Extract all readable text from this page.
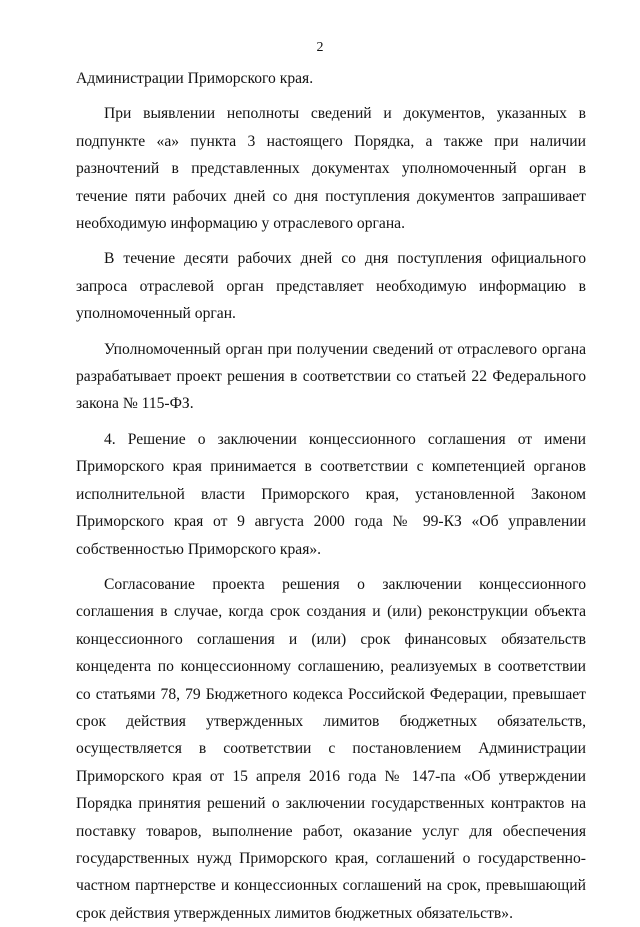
2

Администрации Приморского края.

При выявлении неполноты сведений и документов, указанных в подпункте «а» пункта 3 настоящего Порядка, а также при наличии разночтений в представленных документах уполномоченный орган в течение пяти рабочих дней со дня поступления документов запрашивает необходимую информацию у отраслевого органа.

В течение десяти рабочих дней со дня поступления официального запроса отраслевой орган представляет необходимую информацию в уполномоченный орган.

Уполномоченный орган при получении сведений от отраслевого органа разрабатывает проект решения в соответствии со статьей 22 Федерального закона № 115-ФЗ.

4. Решение о заключении концессионного соглашения от имени Приморского края принимается в соответствии с компетенцией органов исполнительной власти Приморского края, установленной Законом Приморского края от 9 августа 2000 года № 99-КЗ «Об управлении собственностью Приморского края».

Согласование проекта решения о заключении концессионного соглашения в случае, когда срок создания и (или) реконструкции объекта концессионного соглашения и (или) срок финансовых обязательств концедента по концессионному соглашению, реализуемых в соответствии со статьями 78, 79 Бюджетного кодекса Российской Федерации, превышает срок действия утвержденных лимитов бюджетных обязательств, осуществляется в соответствии с постановлением Администрации Приморского края от 15 апреля 2016 года № 147-па «Об утверждении Порядка принятия решений о заключении государственных контрактов на поставку товаров, выполнение работ, оказание услуг для обеспечения государственных нужд Приморского края, соглашений о государственно-частном партнерстве и концессионных соглашений на срок, превышающий срок действия утвержденных лимитов бюджетных обязательств».
